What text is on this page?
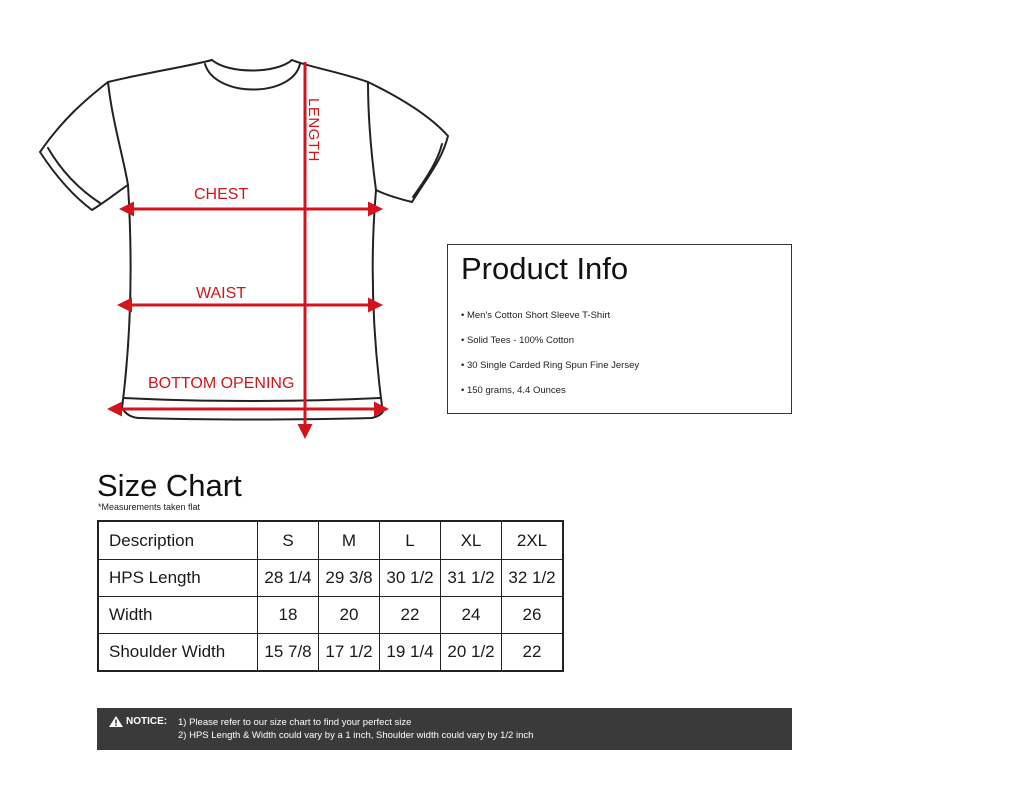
LENGTH
CHEST
WAIST
BOTTOM OPENING
Product Info
• Men's Cotton Short Sleeve T-Shirt
• Solid Tees - 100% Cotton
• 30 Single Carded Ring Spun Fine Jersey
• 150 grams, 4.4 Ounces
Size Chart
*Measurements taken flat
Description	S	M	L	XL	2XL
HPS Length	28 1/4	29 3/8	30 1/2	31 1/2	32 1/2
Width	18	20	22	24	26
Shoulder Width	15 7/8	17 1/2	19 1/4	20 1/2	22
NOTICE: 1) Please refer to our size chart to find your perfect size
2) HPS Length & Width could vary by a 1 inch, Shoulder width could vary by 1/2 inch
